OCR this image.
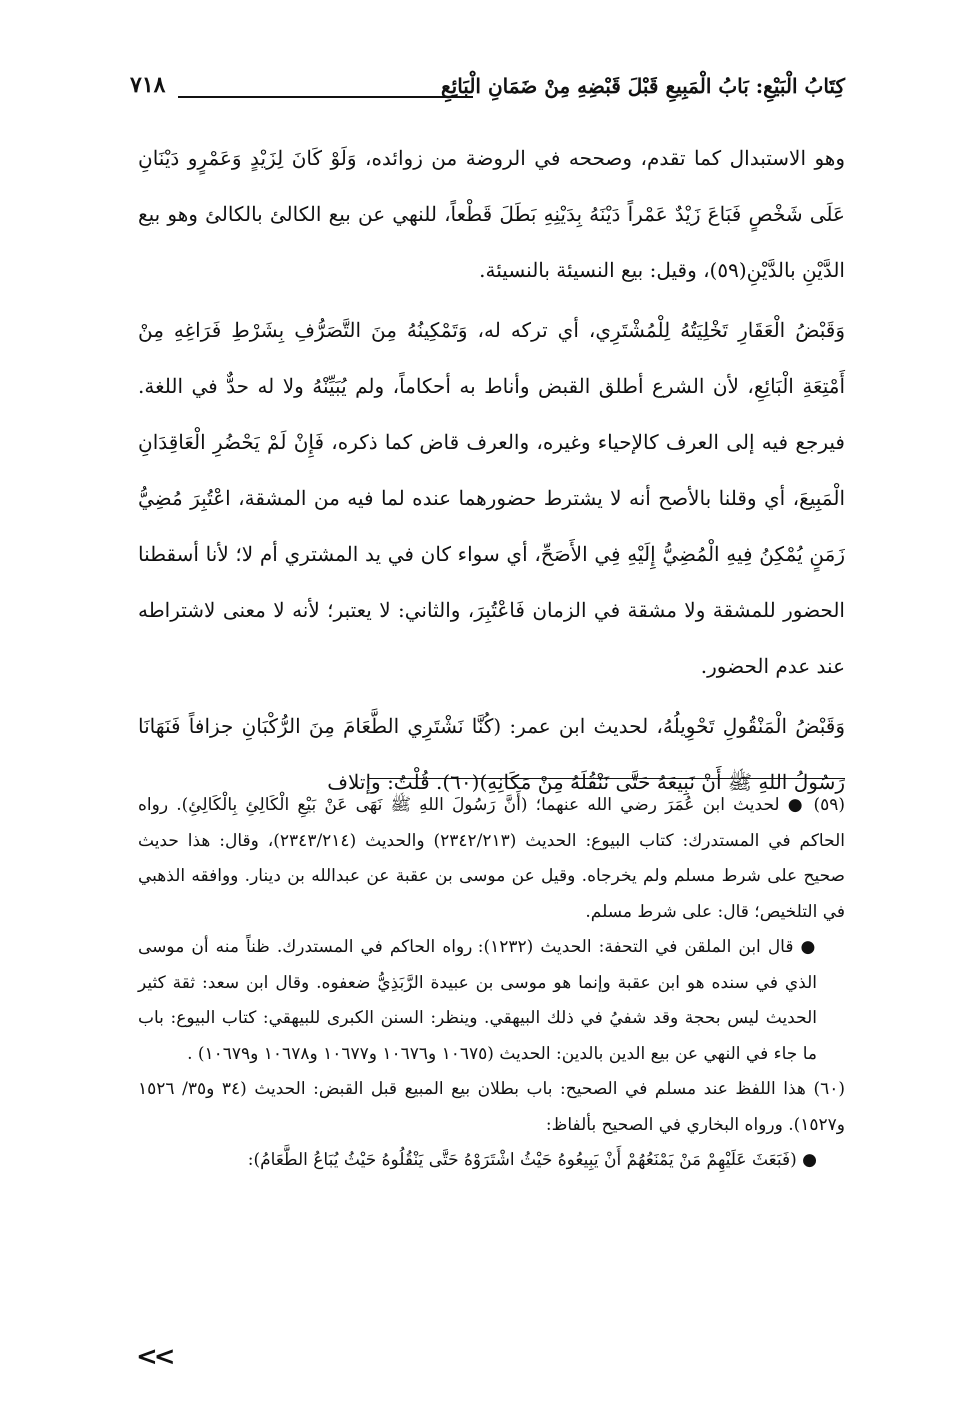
كِتَابُ الْبَيْعِ: بَابُ الْمَبِيعِ قَبْلَ قَبْضِهِ مِنْ ضَمَانِ الْبَائِعِ
٧١٨

وهو الاستبدال كما تقدم، وصححه في الروضة من زوائده، وَلَوْ كَانَ لِزَيْدٍ وَعَمْرٍو دَيْنَانِ عَلَى شَخْصٍ فَبَاعَ زَيْدٌ عَمْراً دَيْنَهُ بِدَيْنِهِ بَطَلَ قَطْعاً، للنهي عن بيع الكالئ بالكالئ وهو بيع الدَّيْنِ بالدَّيْنِ(٥٩)، وقيل: بيع النسيئة بالنسيئة.

وَقَبْضُ الْعَقَارِ تَخْلِيَتُهُ لِلْمُشْتَرِي، أي تركه له، وَتَمْكِينُهُ مِنَ التَّصَرُّفِ بِشَرْطِ فَرَاغِهِ مِنْ أَمْتِعَةِ الْبَائِعِ، لأن الشرع أطلق القبض وأناط به أحكاماً، ولم يُبَيِّنْهُ ولا له حدٌّ في اللغة. فيرجع فيه إلى العرف كالإحياء وغيره، والعرف قاض كما ذكره، فَإِنْ لَمْ يَحْضُرِ الْعَاقِدَانِ الْمَبِيعَ، أي وقلنا بالأصح أنه لا يشترط حضورهما عنده لما فيه من المشقة، اعْتُبِرَ مُضِيُّ زَمَنٍ يُمْكِنُ فِيهِ الْمُضِيُّ إِلَيْهِ فِي الأَصَحِّ، أي سواء كان في يد المشتري أم لا؛ لأنا أسقطنا الحضور للمشقة ولا مشقة في الزمان فَاعْتُبِرَ، والثاني: لا يعتبر؛ لأنه لا معنى لاشتراطه عند عدم الحضور.

وَقَبْضُ الْمَنْقُولِ تَحْوِيلُهُ، لحديث ابن عمر: (كُنَّا نَشْتَرِي الطَّعَامَ مِنَ الرُّكْبَانِ جزافاً فَنَهَانَا رَسُولُ اللهِ ﷺ أَنْ نَبِيعَهُ حَتَّى نَنْقُلَهُ مِنْ مَكَانِهِ)(٦٠). قُلْتُ: وإتلاف

(٥٩) ● لحديث ابن عُمَرَ رضي الله عنهما؛ (أَنَّ رَسُولَ اللهِ ﷺ نَهَى عَنْ بَيْعِ الْكَالِئِ بِالْكَالِئِ). رواه الحاكم في المستدرك: كتاب البيوع: الحديث (٢٣٤٢/٢١٣) والحديث (٢٣٤٣/٢١٤)، وقال: هذا حديث صحيح على شرط مسلم ولم يخرجاه. وقيل عن موسى بن عقبة عن عبدالله بن دينار. ووافقه الذهبي في التلخيص؛ قال: على شرط مسلم.

● قال ابن الملقن في التحفة: الحديث (١٢٣٢): رواه الحاكم في المستدرك. ظناً منه أن موسى الذي في سنده هو ابن عقبة وإنما هو موسى بن عبيدة الرَّبَذِيُّ ضعفوه. وقال ابن سعد: ثقة كثير الحديث ليس بحجة وقد شفيُ في ذلك البيهقي. وينظر: السنن الكبرى للبيهقي: كتاب البيوع: باب ما جاء في النهي عن بيع الدين بالدين: الحديث (١٠٦٧٥ و١٠٦٧٦ و١٠٦٧٧ و١٠٦٧٨ و١٠٦٧٩) .

(٦٠) هذا اللفظ عند مسلم في الصحيح: باب بطلان بيع المبيع قبل القبض: الحديث (٣٤ و٣٥/ ١٥٢٦ و١٥٢٧). ورواه البخاري في الصحيح بألفاظ:

● (فَبَعَثَ عَلَيْهِمْ مَنْ يَمْنَعُهُمْ أَنْ يَبِيعُوهُ حَيْثُ اشْتَرَوْهُ حَتَّى يَنْقُلُوهُ حَيْثُ يُبَاعُ الطَّعَامُ):

<<
